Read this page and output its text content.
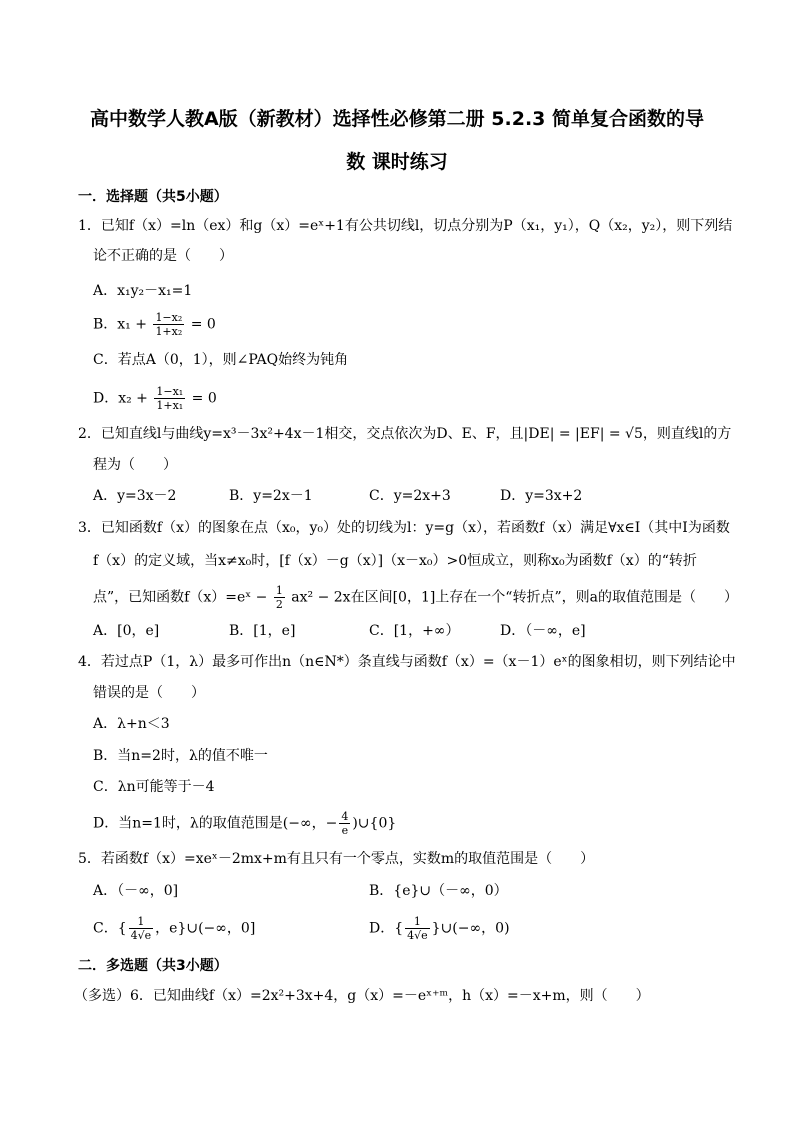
高中数学人教A版（新教材）选择性必修第二册 5.2.3 简单复合函数的导
数 课时练习
一．选择题（共5小题）
1．已知f（x）=ln（ex）和g（x）=eˣ+1有公共切线l，切点分别为P（x₁，y₁），Q（x₂，y₂），则下列结
论不正确的是（　　）
A．x₁y₂－x₁=1
B．$x_1 + \frac{\text{1−x₂}}{\text{1+x₂}} = 0$
C．若点A（0，1），则∠PAQ始终为钝角
D．$x_2 + \frac{\text{1−x₁}}{\text{1+x₁}} = 0$
2．已知直线l与曲线y=x³－3x²+4x－1相交，交点依次为D、E、F，且|DE| = |EF| = √5，则直线l的方
程为（　　）
A．y=3x－2	B．y=2x－1	C．y=2x+3	D．y=3x+2
3．已知函数f（x）的图象在点（x₀，y₀）处的切线为l：y=g（x），若函数f（x）满足∀x∈I（其中I为函数
f（x）的定义域，当x≠x₀时，[f（x）－g（x）]（x－x₀）>0恒成立，则称x₀为函数f（x）的“转折
点”，已知函数f（x）=eˣ − $\frac{1}{2} ax^2 - 2x$在区间[0，1]上存在一个“转折点”，则a的取值范围是（　　）
A．[0，e]	B．[1，e]	C．[1，+∞）	D．（－∞，e]
4．若过点P（1，λ）最多可作出n（n∈N*）条直线与函数f（x）=（x－1）eˣ的图象相切，则下列结论中
错误的是（　　）
A．λ+n＜3
B．当n=2时，λ的值不唯一
C．λn可能等于－4
D．当n=1时，λ的取值范围是(−∞，− $\frac{4}{e}$ )∪{0}
5．若函数f（x）=xeˣ－2mx+m有且只有一个零点，实数m的取值范围是（　　）
A．（－∞，0]	B．{e}∪（－∞，0）
C．{ $\frac{1}{4√e}$ ，e}∪(−∞，0]	D．{ $\frac{1}{4√e}$ }∪(−∞，0)
二．多选题（共3小题）
（多选）6．已知曲线f（x）=2x²+3x+4，g（x）=－eˣ⁺ᵐ，h（x）=－x+m，则（　　）
